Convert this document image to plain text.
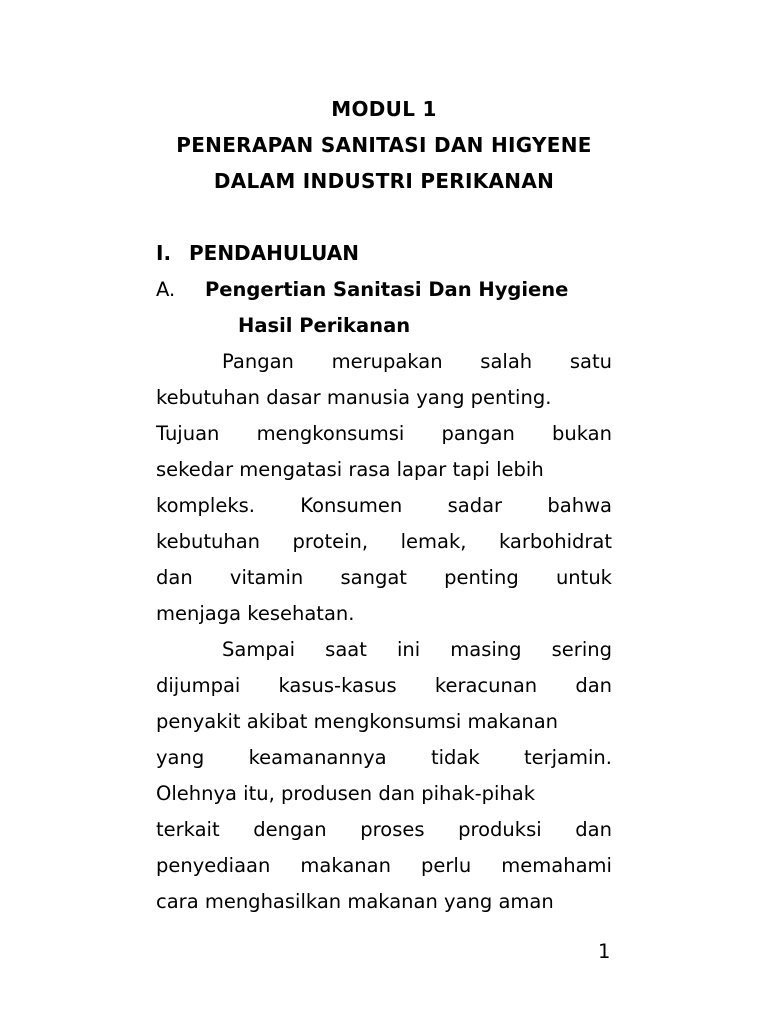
MODUL 1
PENERAPAN SANITASI DAN HIGYENE
DALAM INDUSTRI PERIKANAN
I. PENDAHULUAN
A. Pengertian Sanitasi Dan Hygiene
Hasil Perikanan
Pangan merupakan salah satu
kebutuhan dasar manusia yang penting.
Tujuan mengkonsumsi pangan bukan
sekedar mengatasi rasa lapar tapi lebih
kompleks. Konsumen sadar bahwa
kebutuhan protein, lemak, karbohidrat
dan vitamin sangat penting untuk
menjaga kesehatan.
Sampai saat ini masing sering
dijumpai kasus-kasus keracunan dan
penyakit akibat mengkonsumsi makanan
yang keamanannya tidak terjamin.
Olehnya itu, produsen dan pihak-pihak
terkait dengan proses produksi dan
penyediaan makanan perlu memahami
cara menghasilkan makanan yang aman
1
